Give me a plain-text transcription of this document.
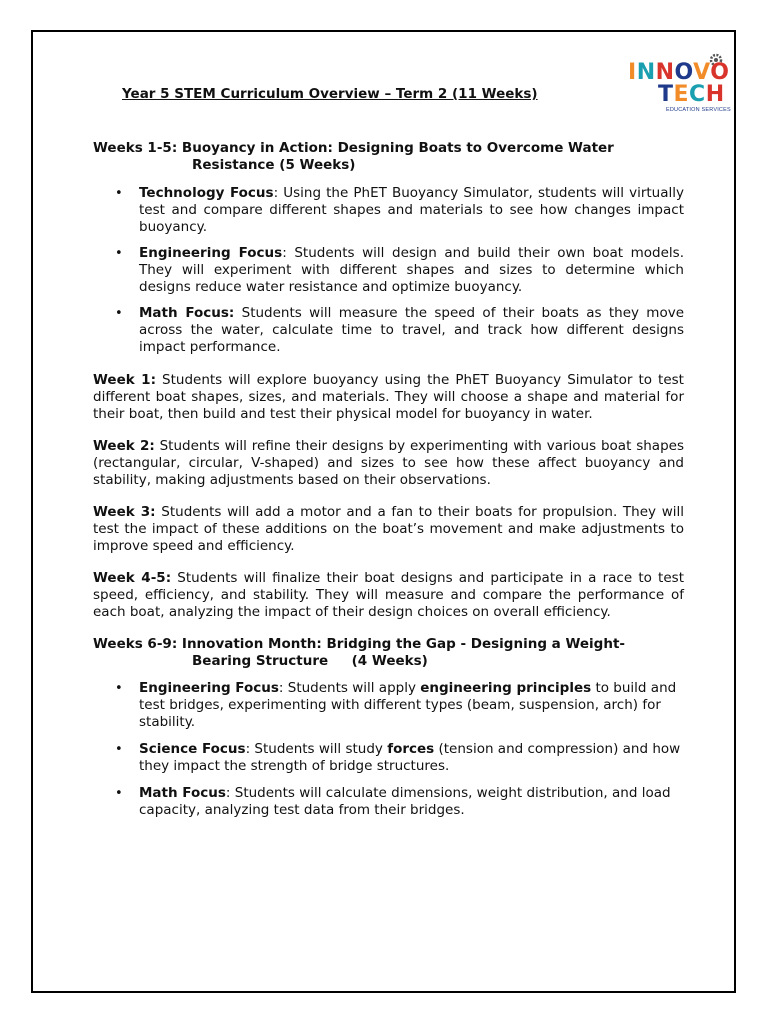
INNOVO
TECH
EDUCATION SERVICES
Year 5 STEM Curriculum Overview – Term 2 (11 Weeks)

Weeks 1-5: Buoyancy in Action: Designing Boats to Overcome Water
Resistance (5 Weeks)

• Technology Focus: Using the PhET Buoyancy Simulator, students will virtually test and compare different shapes and materials to see how changes impact buoyancy.
• Engineering Focus: Students will design and build their own boat models. They will experiment with different shapes and sizes to determine which designs reduce water resistance and optimize buoyancy.
• Math Focus: Students will measure the speed of their boats as they move across the water, calculate time to travel, and track how different designs impact performance.

Week 1: Students will explore buoyancy using the PhET Buoyancy Simulator to test different boat shapes, sizes, and materials. They will choose a shape and material for their boat, then build and test their physical model for buoyancy in water.

Week 2: Students will refine their designs by experimenting with various boat shapes (rectangular, circular, V-shaped) and sizes to see how these affect buoyancy and stability, making adjustments based on their observations.

Week 3: Students will add a motor and a fan to their boats for propulsion. They will test the impact of these additions on the boat’s movement and make adjustments to improve speed and efficiency.

Week 4-5: Students will finalize their boat designs and participate in a race to test speed, efficiency, and stability. They will measure and compare the performance of each boat, analyzing the impact of their design choices on overall efficiency.

Weeks 6-9: Innovation Month: Bridging the Gap - Designing a Weight-
Bearing Structure     (4 Weeks)

• Engineering Focus: Students will apply engineering principles to build and test bridges, experimenting with different types (beam, suspension, arch) for stability.
• Science Focus: Students will study forces (tension and compression) and how they impact the strength of bridge structures.
• Math Focus: Students will calculate dimensions, weight distribution, and load capacity, analyzing test data from their bridges.
